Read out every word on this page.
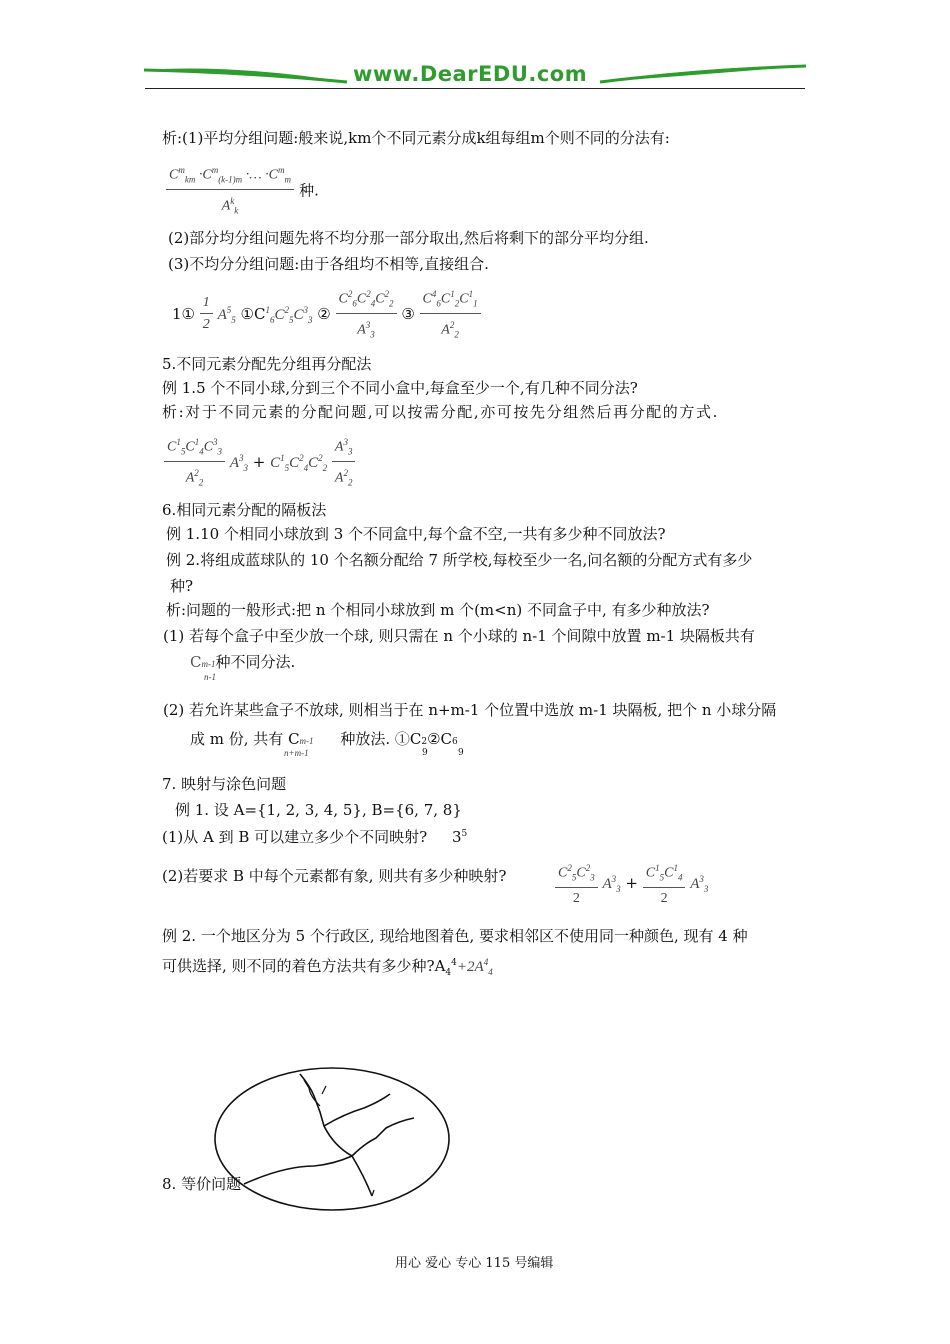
www.DearEDU.com
析:(1)平均分组问题:般来说,km个不同元素分成k组每组m个则不同的分法有:
$\frac{C^m_{km} \cdot C^m_{(k-1)m} \cdot\dots \cdot C^m_m}{A^k_k}$ 种.
(2)部分均分组问题先将不均分那一部分取出,然后将剩下的部分平均分组.
(3)不均分分组问题:由于各组均不相等,直接组合.
1① $\frac{1}{2} A^5_5$ $①C^1_6C^2_5C^3_3$ ② $\frac{C^2_6C^2_4C^2_2}{A^3_3}$ ③ $\frac{C^4_6C^1_2C^1_1}{A^2_2}$
5.不同元素分配先分组再分配法
例 1.5 个不同小球,分到三个不同小盒中,每盒至少一个,有几种不同分法?
析:对于不同元素的分配问题,可以按需分配,亦可按先分组然后再分配的方式.
$\frac{C^1_5C^1_4C^3_3}{A^2_2} A^3_3 + C^1_5C^2_4C^2_2 \frac{A^3_3}{A^2_2}$
6.相同元素分配的隔板法
例 1.10 个相同小球放到 3 个不同盒中,每个盒不空,一共有多少种不同放法?
例 2.将组成蓝球队的 10 个名额分配给 7 所学校,每校至少一名,问名额的分配方式有多少
种?
析:问题的一般形式:把 n 个相同小球放到 m 个(m<n) 不同盒子中, 有多少种放法?
(1) 若每个盒子中至少放一个球, 则只需在 n 个小球的 n-1 个间隙中放置 m-1 块隔板共有
Cm-1种不同分法.
n-1
(2) 若允许某些盒子不放球, 则相当于在 n+m-1 个位置中选放 m-1 块隔板, 把个 n 小球分隔
成 m 份, 共有 Cm-1 种放法. ①C2②C6
n+m-1	9	9
7. 映射与涂色问题
例 1. 设 A={1, 2, 3, 4, 5}, B={6, 7, 8}
(1)从 A 到 B 可以建立多少个不同映射? $3^5$
(2)若要求 B 中每个元素都有象, 则共有多少种映射?	$\frac{C^2_5C^2_3}{2} A^3_3 + \frac{C^1_5C^1_4}{2} A^3_3$
例 2. 一个地区分为 5 个行政区, 现给地图着色, 要求相邻区不使用同一种颜色, 现有 4 种
可供选择, 则不同的着色方法共有多少种$?A_4^4+2A^4_4$
8. 等价问题
用心 爱心 专心 115 号编辑
